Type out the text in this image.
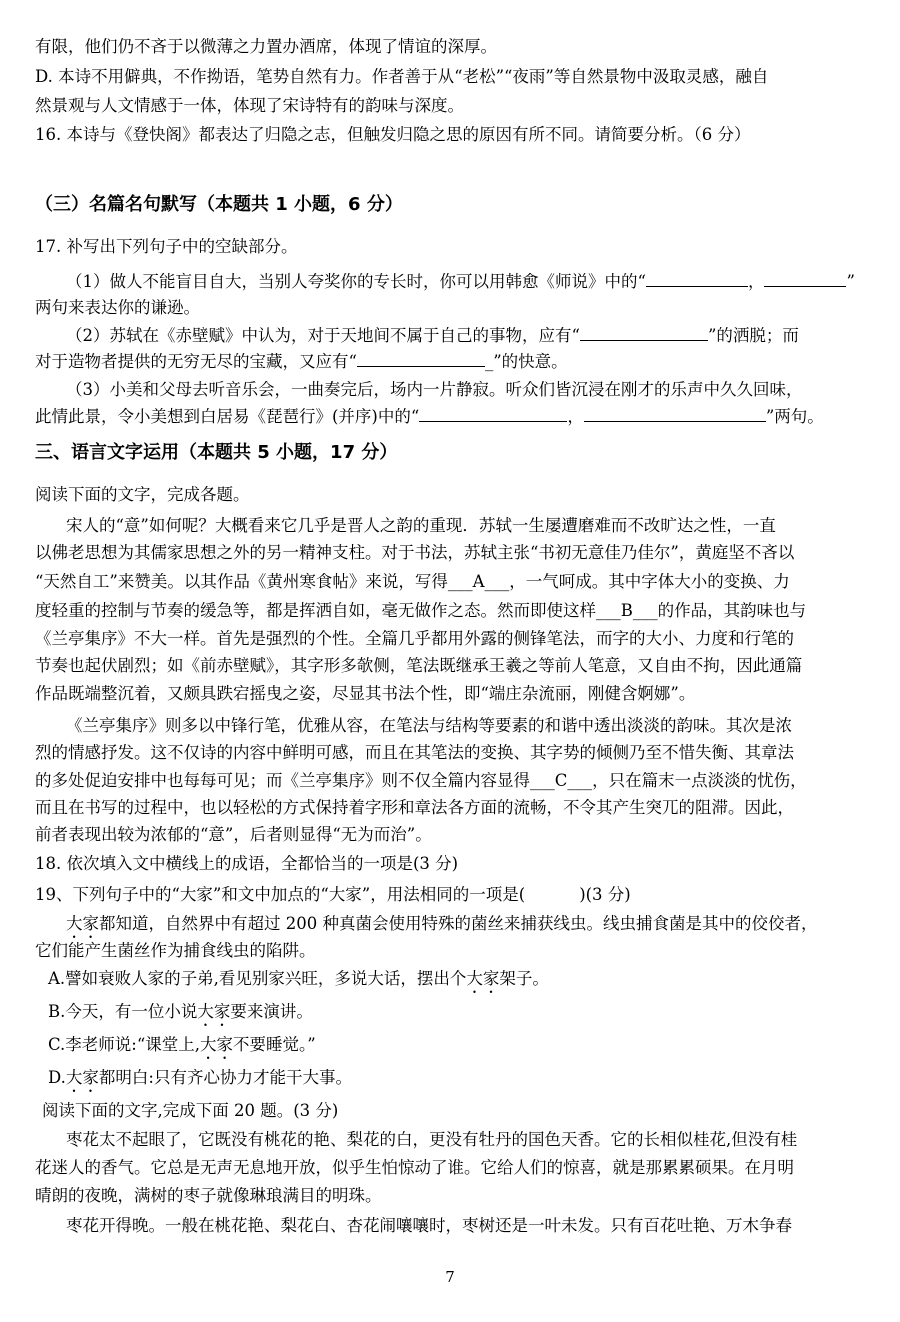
有限，他们仍不吝于以微薄之力置办酒席，体现了情谊的深厚。
D. 本诗不用僻典，不作拗语，笔势自然有力。作者善于从“老松”“夜雨”等自然景物中汲取灵感，融自
然景观与人文情感于一体，体现了宋诗特有的韵味与深度。
16. 本诗与《登快阁》都表达了归隐之志，但触发归隐之思的原因有所不同。请简要分析。（6 分）
（三）名篇名句默写（本题共 1 小题，6 分）
17. 补写出下列句子中的空缺部分。
（1）做人不能盲目自大，当别人夸奖你的专长时，你可以用韩愈《师说》中的“	，	”
两句来表达你的谦逊。
（2）苏轼在《赤壁赋》中认为，对于天地间不属于自己的事物，应有“	”的洒脱；而
对于造物者提供的无穷无尽的宝藏，又应有“	_”的快意。
（3）小美和父母去听音乐会，一曲奏完后，场内一片静寂。听众们皆沉浸在刚才的乐声中久久回味，
此情此景，令小美想到白居易《琵琶行》(并序)中的“	，	”两句。
三、语言文字运用（本题共 5 小题，17 分）
阅读下面的文字，完成各题。
宋人的“意”如何呢？大概看来它几乎是晋人之韵的重现．苏轼一生屡遭磨难而不改旷达之性，一直
以佛老思想为其儒家思想之外的另一精神支柱。对于书法，苏轼主张“书初无意佳乃佳尔”，黄庭坚不吝以
“天然自工”来赞美。以其作品《黄州寒食帖》来说，写得___A___，一气呵成。其中字体大小的变换、力
度轻重的控制与节奏的缓急等，都是挥洒自如，毫无做作之态。然而即使这样___B___的作品，其韵味也与
《兰亭集序》不大一样。首先是强烈的个性。全篇几乎都用外露的侧锋笔法，而字的大小、力度和行笔的
节奏也起伏剧烈；如《前赤壁赋》，其字形多欹侧，笔法既继承王羲之等前人笔意，又自由不拘，因此通篇
作品既端整沉着，又颇具跌宕摇曳之姿，尽显其书法个性，即“端庄杂流丽，刚健含婀娜”。
《兰亭集序》则多以中锋行笔，优雅从容，在笔法与结构等要素的和谐中透出淡淡的韵味。其次是浓
烈的情感抒发。这不仅诗的内容中鲜明可感，而且在其笔法的变换、其字势的倾侧乃至不惜失衡、其章法
的多处促迫安排中也每每可见；而《兰亭集序》则不仅全篇内容显得___C___，只在篇末一点淡淡的忧伤，
而且在书写的过程中，也以轻松的方式保持着字形和章法各方面的流畅，不令其产生突兀的阻滞。因此，
前者表现出较为浓郁的“意”，后者则显得“无为而治”。
18. 依次填入文中横线上的成语，全都恰当的一项是(3 分)
19、下列句子中的“大家”和文中加点的“大家”，用法相同的一项是(	)(3 分)
大家都知道，自然界中有超过 200 种真菌会使用特殊的菌丝来捕获线虫。线虫捕食菌是其中的佼佼者，
它们能产生菌丝作为捕食线虫的陷阱。
A.譬如衰败人家的子弟,看见别家兴旺，多说大话，摆出个大家架子。
B.今天，有一位小说大家要来演讲。
C.李老师说:“课堂上,大家不要睡觉。”
D.大家都明白:只有齐心协力才能干大事。
阅读下面的文字,完成下面 20 题。(3 分)
枣花太不起眼了，它既没有桃花的艳、梨花的白，更没有牡丹的国色天香。它的长相似桂花,但没有桂
花迷人的香气。它总是无声无息地开放，似乎生怕惊动了谁。它给人们的惊喜，就是那累累硕果。在月明
晴朗的夜晚，满树的枣子就像琳琅满目的明珠。
枣花开得晚。一般在桃花艳、梨花白、杏花闹嚷嚷时，枣树还是一叶未发。只有百花吐艳、万木争春
7
